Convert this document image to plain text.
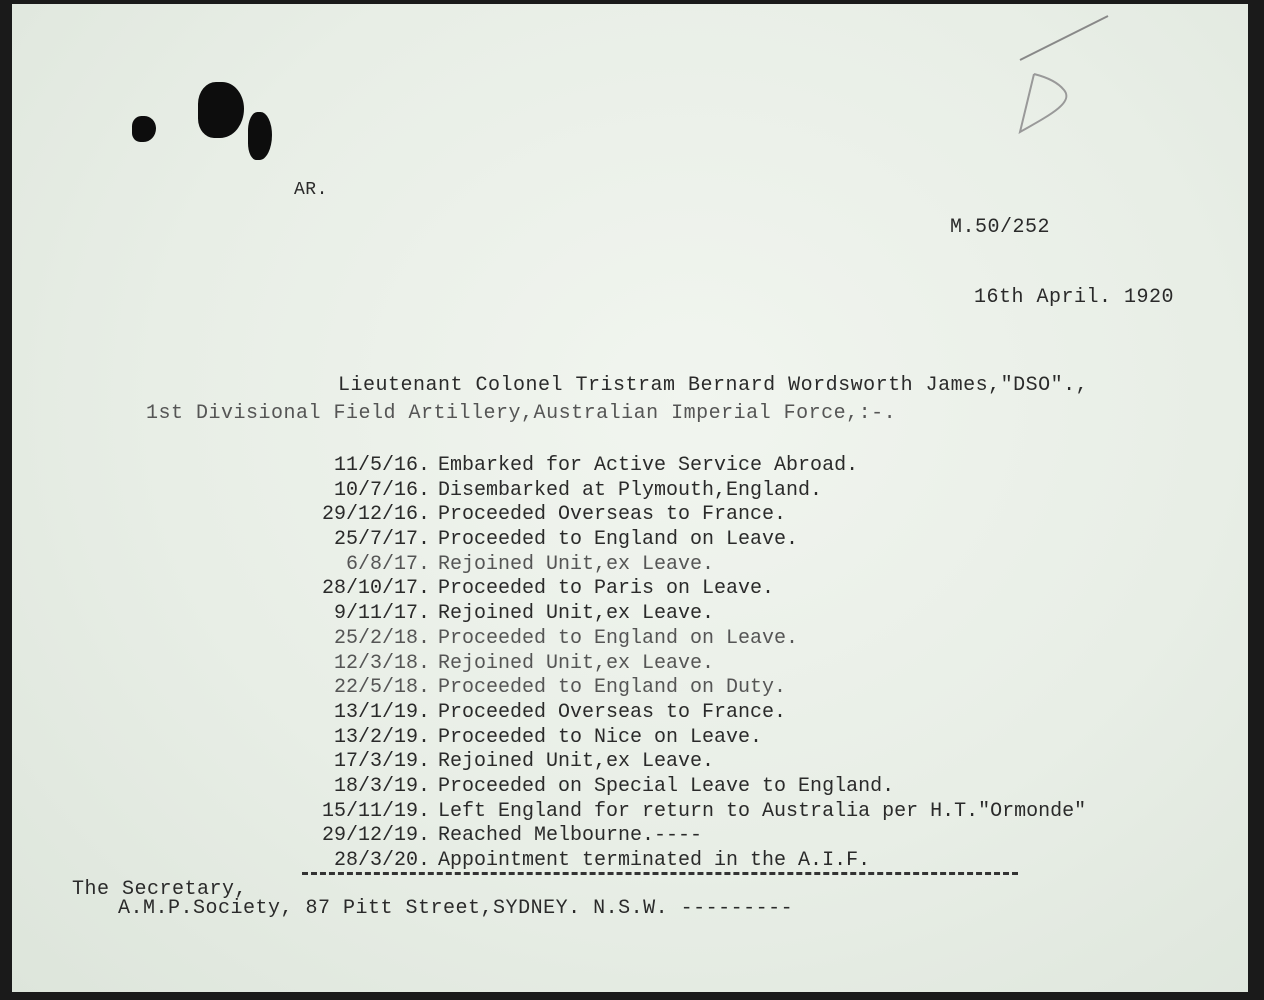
AR.
M.50/252
16th April. 1920
Lieutenant Colonel Tristram Bernard Wordsworth James,"DSO".,
1st Divisional Field Artillery,Australian Imperial Force,:-.
11/5/16. Embarked for Active Service Abroad.
10/7/16. Disembarked at Plymouth,England.
29/12/16. Proceeded Overseas to France.
25/7/17. Proceeded to England on Leave.
6/8/17. Rejoined Unit,ex Leave.
28/10/17. Proceeded to Paris on Leave.
9/11/17. Rejoined Unit,ex Leave.
25/2/18. Proceeded to England on Leave.
12/3/18. Rejoined Unit,ex Leave.
22/5/18. Proceeded to England on Duty.
13/1/19. Proceeded Overseas to France.
13/2/19. Proceeded to Nice on Leave.
17/3/19. Rejoined Unit,ex Leave.
18/3/19. Proceeded on Special Leave to England.
15/11/19. Left England for return to Australia per H.T."Ormonde"
29/12/19. Reached Melbourne.----
28/3/20. Appointment terminated in the A.I.F.
The Secretary,
A.M.P.Society, 87 Pitt Street,SYDNEY. N.S.W. ---------
